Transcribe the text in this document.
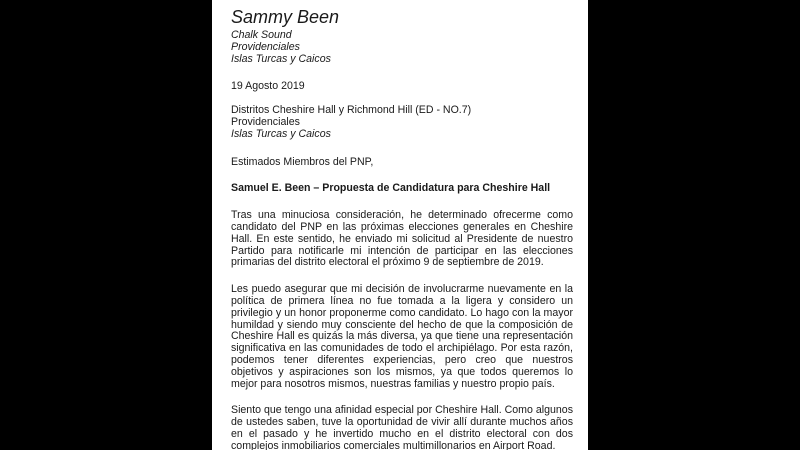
Sammy Been
Chalk Sound
Providenciales
Islas Turcas y Caicos
19 Agosto 2019
Distritos Cheshire Hall y Richmond Hill (ED - NO.7)
Providenciales
Islas Turcas y Caicos
Estimados Miembros del PNP,
Samuel E. Been – Propuesta de Candidatura para Cheshire Hall

Tras una minuciosa consideración, he determinado ofrecerme como candidato del PNP en las próximas elecciones generales en Cheshire Hall. En este sentido, he enviado mi solicitud al Presidente de nuestro Partido para notificarle mi intención de participar en las elecciones primarias del distrito electoral el próximo 9 de septiembre de 2019.

Les puedo asegurar que mi decisión de involucrarme nuevamente en la política de primera línea no fue tomada a la ligera y considero un privilegio y un honor proponerme como candidato. Lo hago con la mayor humildad y siendo muy consciente del hecho de que la composición de Cheshire Hall es quizás la más diversa, ya que tiene una representación significativa en las comunidades de todo el archipiélago. Por esta razón, podemos tener diferentes experiencias, pero creo que nuestros objetivos y aspiraciones son los mismos, ya que todos queremos lo mejor para nosotros mismos, nuestras familias y nuestro propio país.

Siento que tengo una afinidad especial por Cheshire Hall. Como algunos de ustedes saben, tuve la oportunidad de vivir allí durante muchos años en el pasado y he invertido mucho en el distrito electoral con dos complejos inmobiliarios comerciales multimillonarios en Airport Road.
